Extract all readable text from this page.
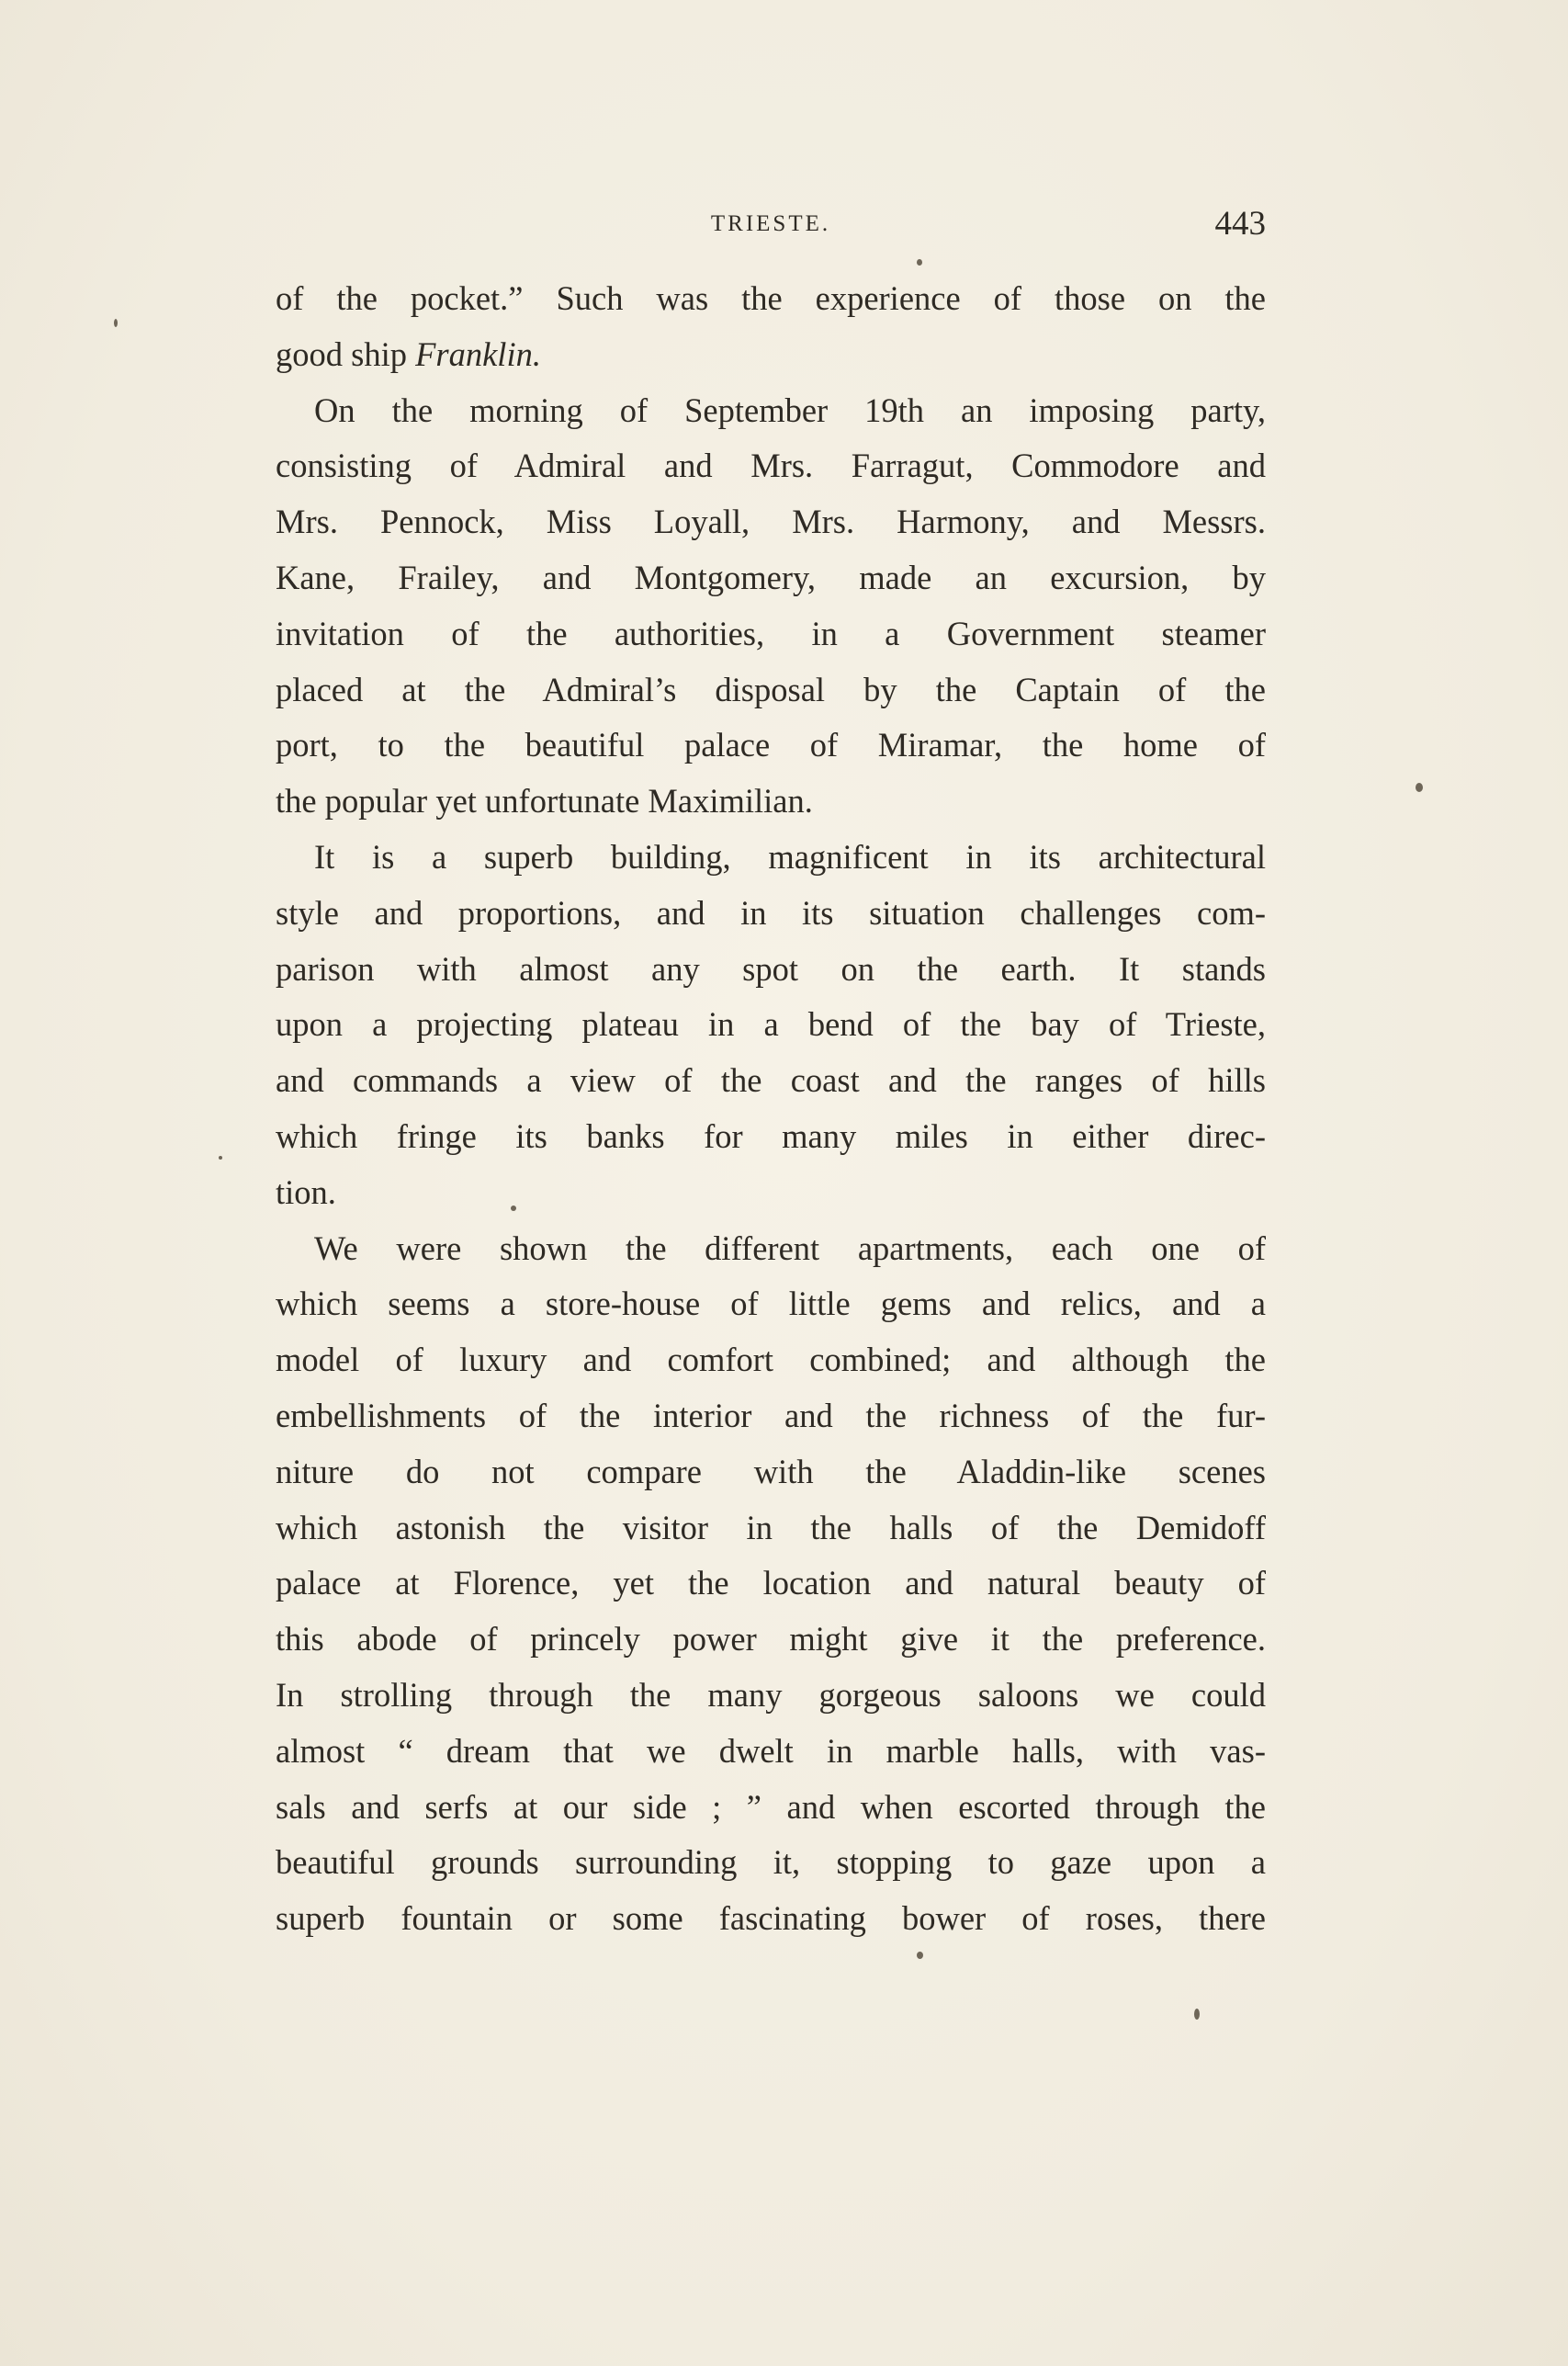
TRIESTE.	443
of the pocket.” Such was the experience of those on the
good ship Franklin.
On the morning of September 19th an imposing party,
consisting of Admiral and Mrs. Farragut, Commodore and
Mrs. Pennock, Miss Loyall, Mrs. Harmony, and Messrs.
Kane, Frailey, and Montgomery, made an excursion, by
invitation of the authorities, in a Government steamer
placed at the Admiral’s disposal by the Captain of the
port, to the beautiful palace of Miramar, the home of
the popular yet unfortunate Maximilian.
It is a superb building, magnificent in its architectural
style and proportions, and in its situation challenges com-
parison with almost any spot on the earth. It stands
upon a projecting plateau in a bend of the bay of Trieste,
and commands a view of the coast and the ranges of hills
which fringe its banks for many miles in either direc-
tion.
We were shown the different apartments, each one of
which seems a store-house of little gems and relics, and a
model of luxury and comfort combined; and although the
embellishments of the interior and the richness of the fur-
niture do not compare with the Aladdin-like scenes
which astonish the visitor in the halls of the Demidoff
palace at Florence, yet the location and natural beauty of
this abode of princely power might give it the preference.
In strolling through the many gorgeous saloons we could
almost “ dream that we dwelt in marble halls, with vas-
sals and serfs at our side ; ” and when escorted through the
beautiful grounds surrounding it, stopping to gaze upon a
superb fountain or some fascinating bower of roses, there
